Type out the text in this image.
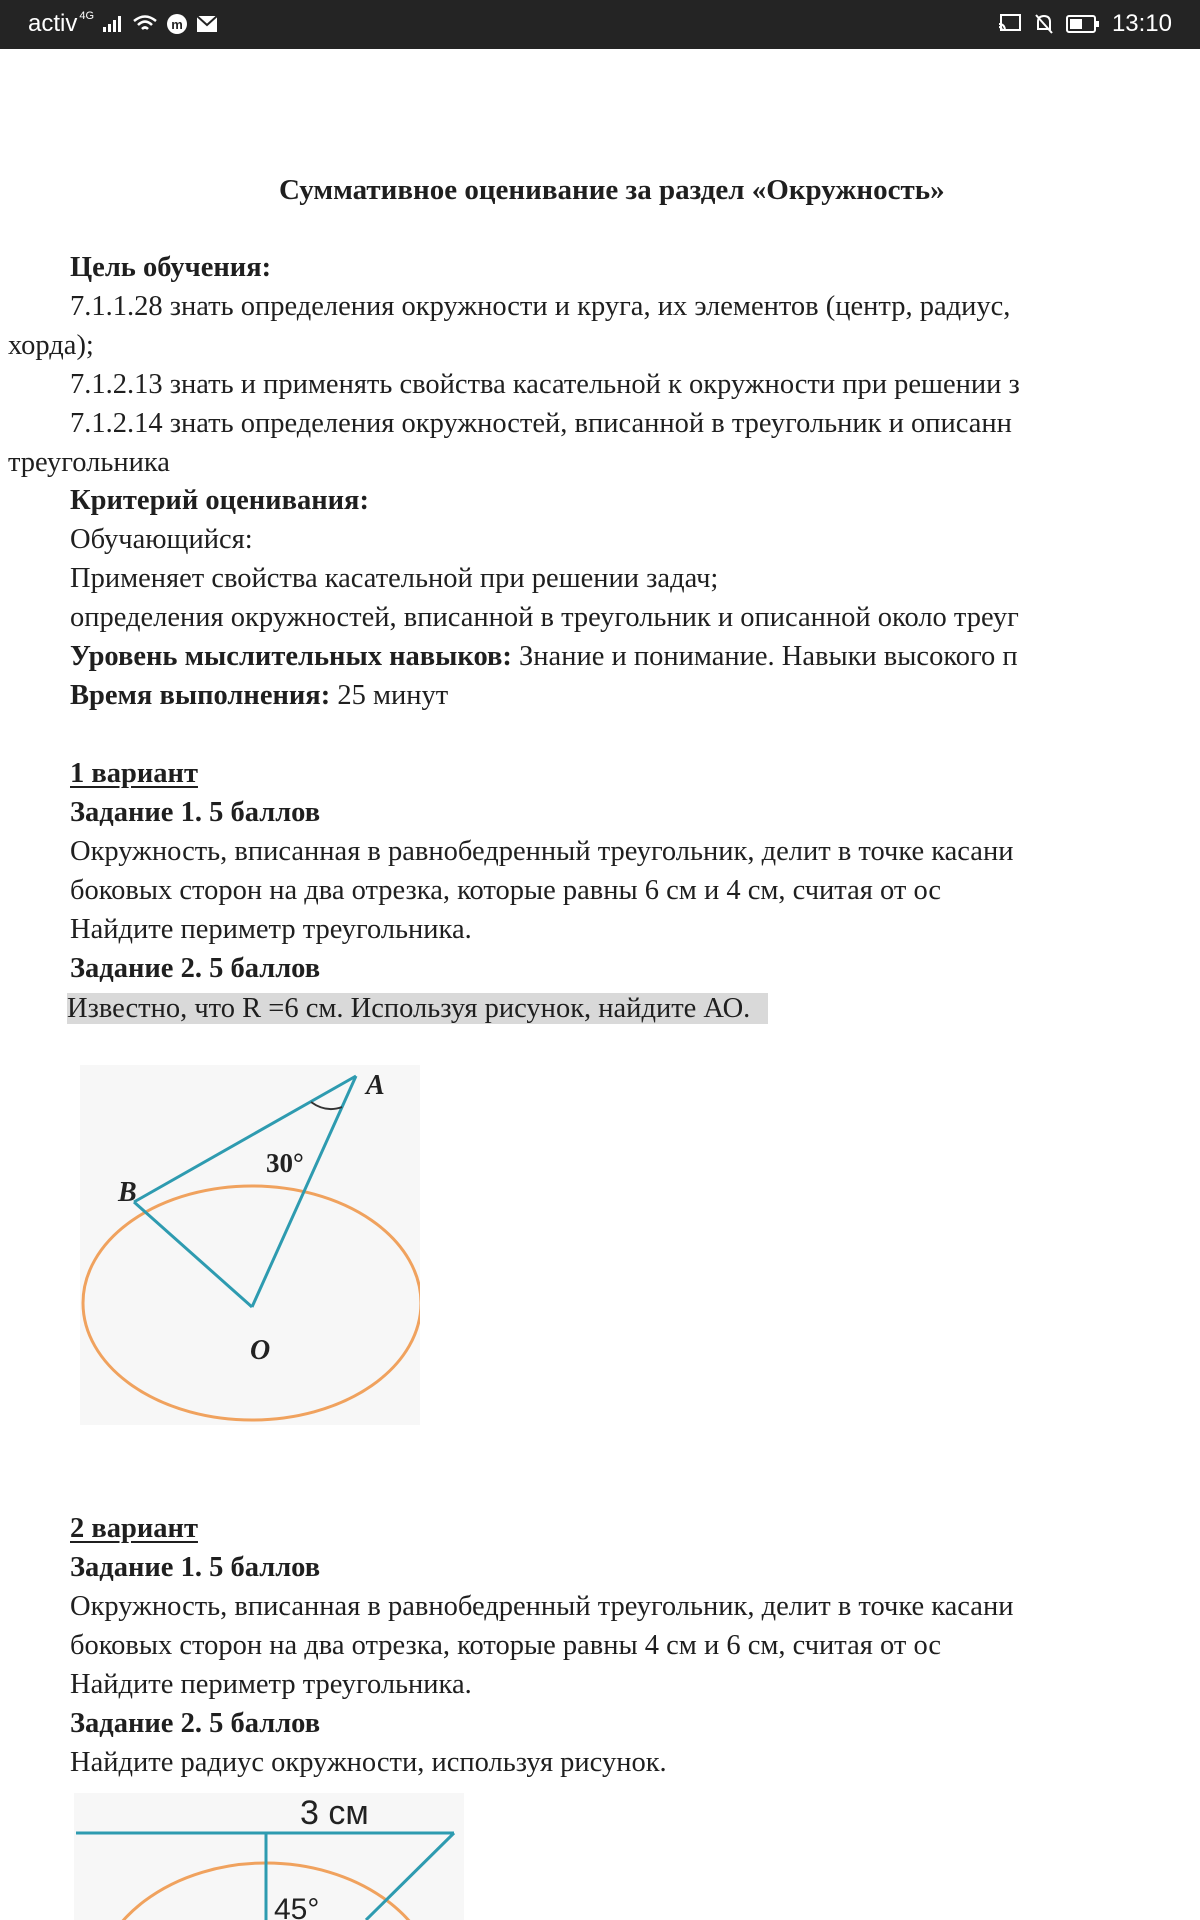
activ 4G
m	13:10
Суммативное оценивание за раздел «Окружность»
Цель обучения:
7.1.1.28 знать определения окружности и круга, их элементов (центр, радиус,
хорда);
7.1.2.13 знать и применять свойства касательной к окружности при решении з
7.1.2.14 знать определения окружностей, вписанной в треугольник и описанн
треугольника
Критерий оценивания:
Обучающийся:
Применяет свойства касательной при решении задач;
определения окружностей, вписанной в треугольник и описанной около треуг
Уровень мыслительных навыков: Знание и понимание. Навыки высокого п
Время выполнения: 25 минут
1 вариант
Задание 1. 5 баллов
Окружность, вписанная в равнобедренный треугольник, делит в точке касани
боковых сторон на два отрезка, которые равны 6 см и 4 см, считая от ос
Найдите периметр треугольника.
Задание 2. 5 баллов
Известно, что R =6 см. Используя рисунок, найдите АО.
A
B
O
30°
2 вариант
Задание 1. 5 баллов
Окружность, вписанная в равнобедренный треугольник, делит в точке касани
боковых сторон на два отрезка, которые равны 4 см и 6 см, считая от ос
Найдите периметр треугольника.
Задание 2. 5 баллов
Найдите радиус окружности, используя рисунок.
3 см
45°
